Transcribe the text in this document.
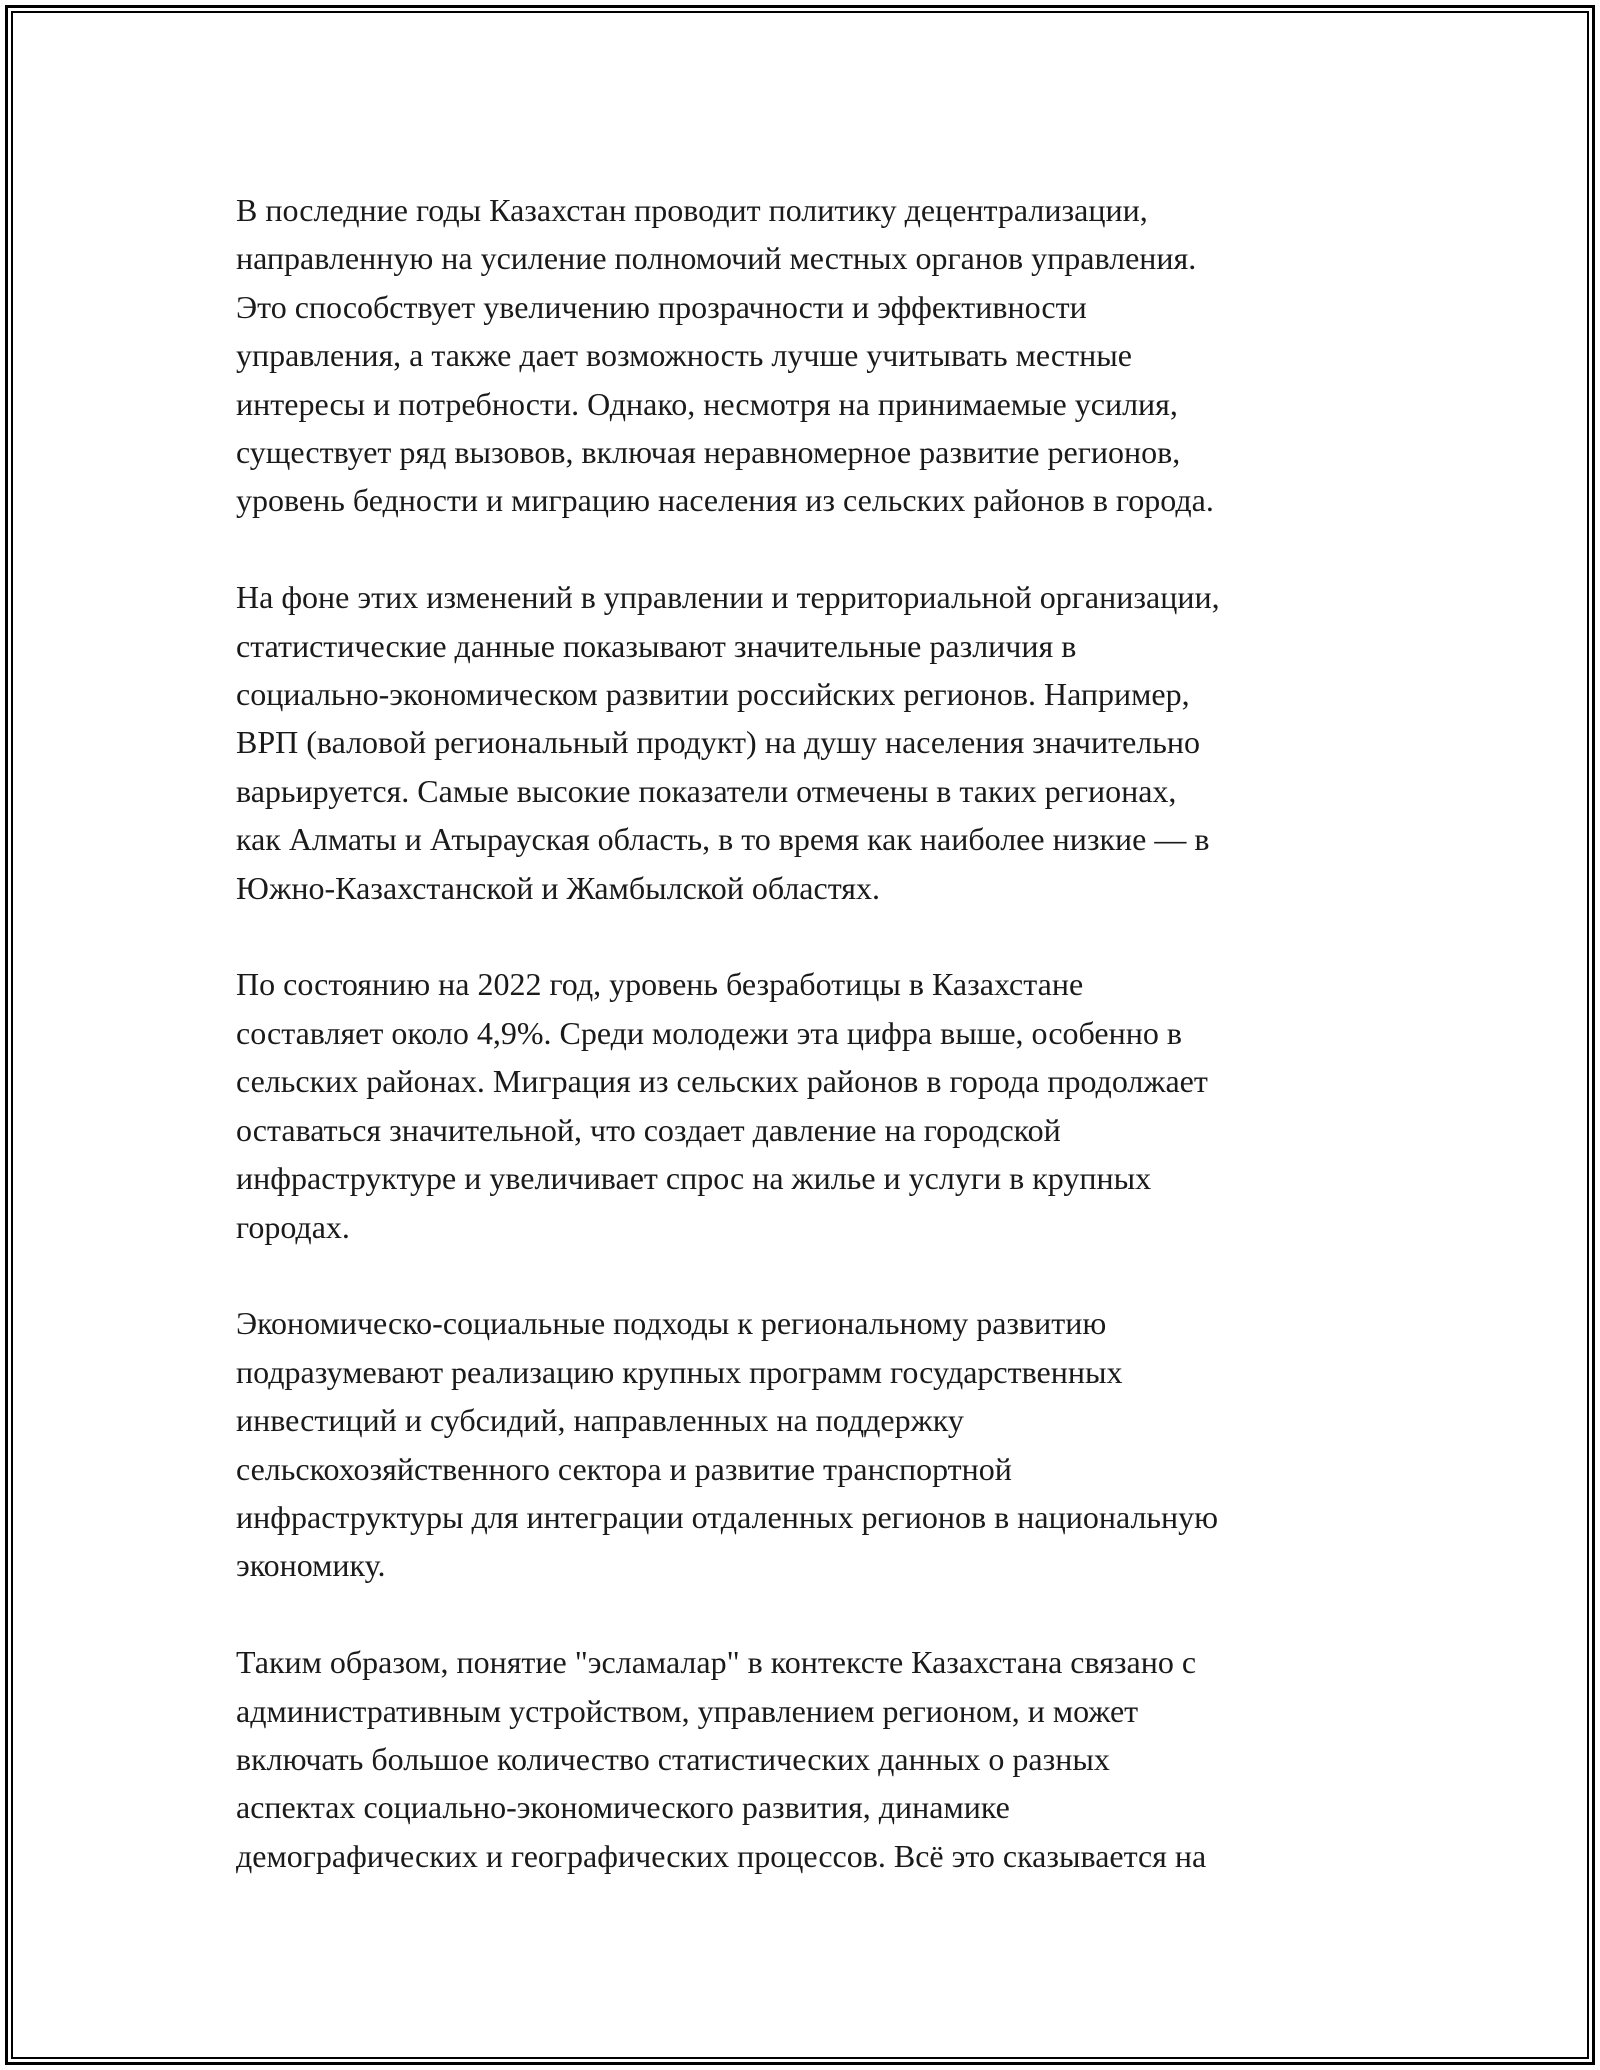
В последние годы Казахстан проводит политику децентрализации,
направленную на усиление полномочий местных органов управления.
Это способствует увеличению прозрачности и эффективности
управления, а также дает возможность лучше учитывать местные
интересы и потребности. Однако, несмотря на принимаемые усилия,
существует ряд вызовов, включая неравномерное развитие регионов,
уровень бедности и миграцию населения из сельских районов в города.

На фоне этих изменений в управлении и территориальной организации,
статистические данные показывают значительные различия в
социально-экономическом развитии российских регионов. Например,
ВРП (валовой региональный продукт) на душу населения значительно
варьируется. Самые высокие показатели отмечены в таких регионах,
как Алматы и Атырауская область, в то время как наиболее низкие — в
Южно-Казахстанской и Жамбылской областях.

По состоянию на 2022 год, уровень безработицы в Казахстане
составляет около 4,9%. Среди молодежи эта цифра выше, особенно в
сельских районах. Миграция из сельских районов в города продолжает
оставаться значительной, что создает давление на городской
инфраструктуре и увеличивает спрос на жилье и услуги в крупных
городах.

Экономическо-социальные подходы к региональному развитию
подразумевают реализацию крупных программ государственных
инвестиций и субсидий, направленных на поддержку
сельскохозяйственного сектора и развитие транспортной
инфраструктуры для интеграции отдаленных регионов в национальную
экономику.

Таким образом, понятие "эсламалар" в контексте Казахстана связано с
административным устройством, управлением регионом, и может
включать большое количество статистических данных о разных
аспектах социально-экономического развития, динамике
демографических и географических процессов. Всё это сказывается на
